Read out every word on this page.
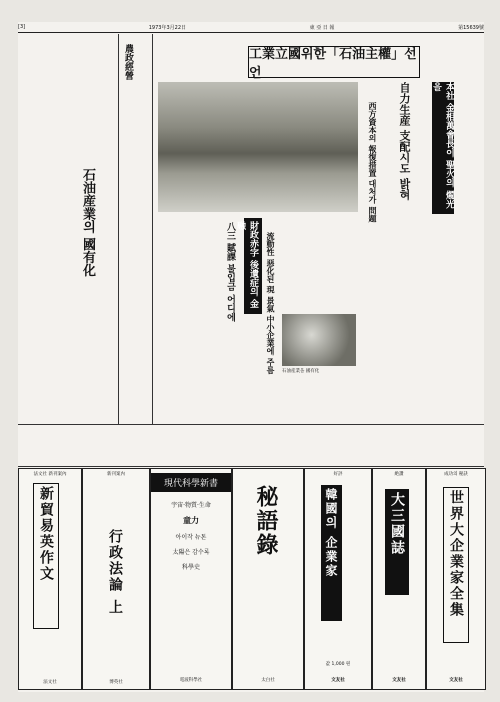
[3]	1973年3月22日	東 亞 日 報	第15639號
農政經營
石油産業의 國有化
工業立國위한「石油主權」선언
自力生産 支配시도 밝혀
西方資本의 報復措置 대처가 問題	本社 金相萬會長이 聖火의 燭光을
財政赤字 後遺症의 金融
八三 賦課 불입금 어디에	流動性 惡化된 現 景氣 中小企業에 주름 石油産業을 國有化
法文社 新刊案內
新貿易英作文
法文社
新刊案內
行政法論 上
博英社
現代科學新書
宇宙·物質·生命
童力
아이작 뉴톤
太陽은 감수록
科學史
電波科學社
秘語錄
太白社
好評
韓國의 企業家
값 1,000 원
文友社
絶讚
大三國誌
文友社
成功의 秘訣
世界大企業家全集
文友社
